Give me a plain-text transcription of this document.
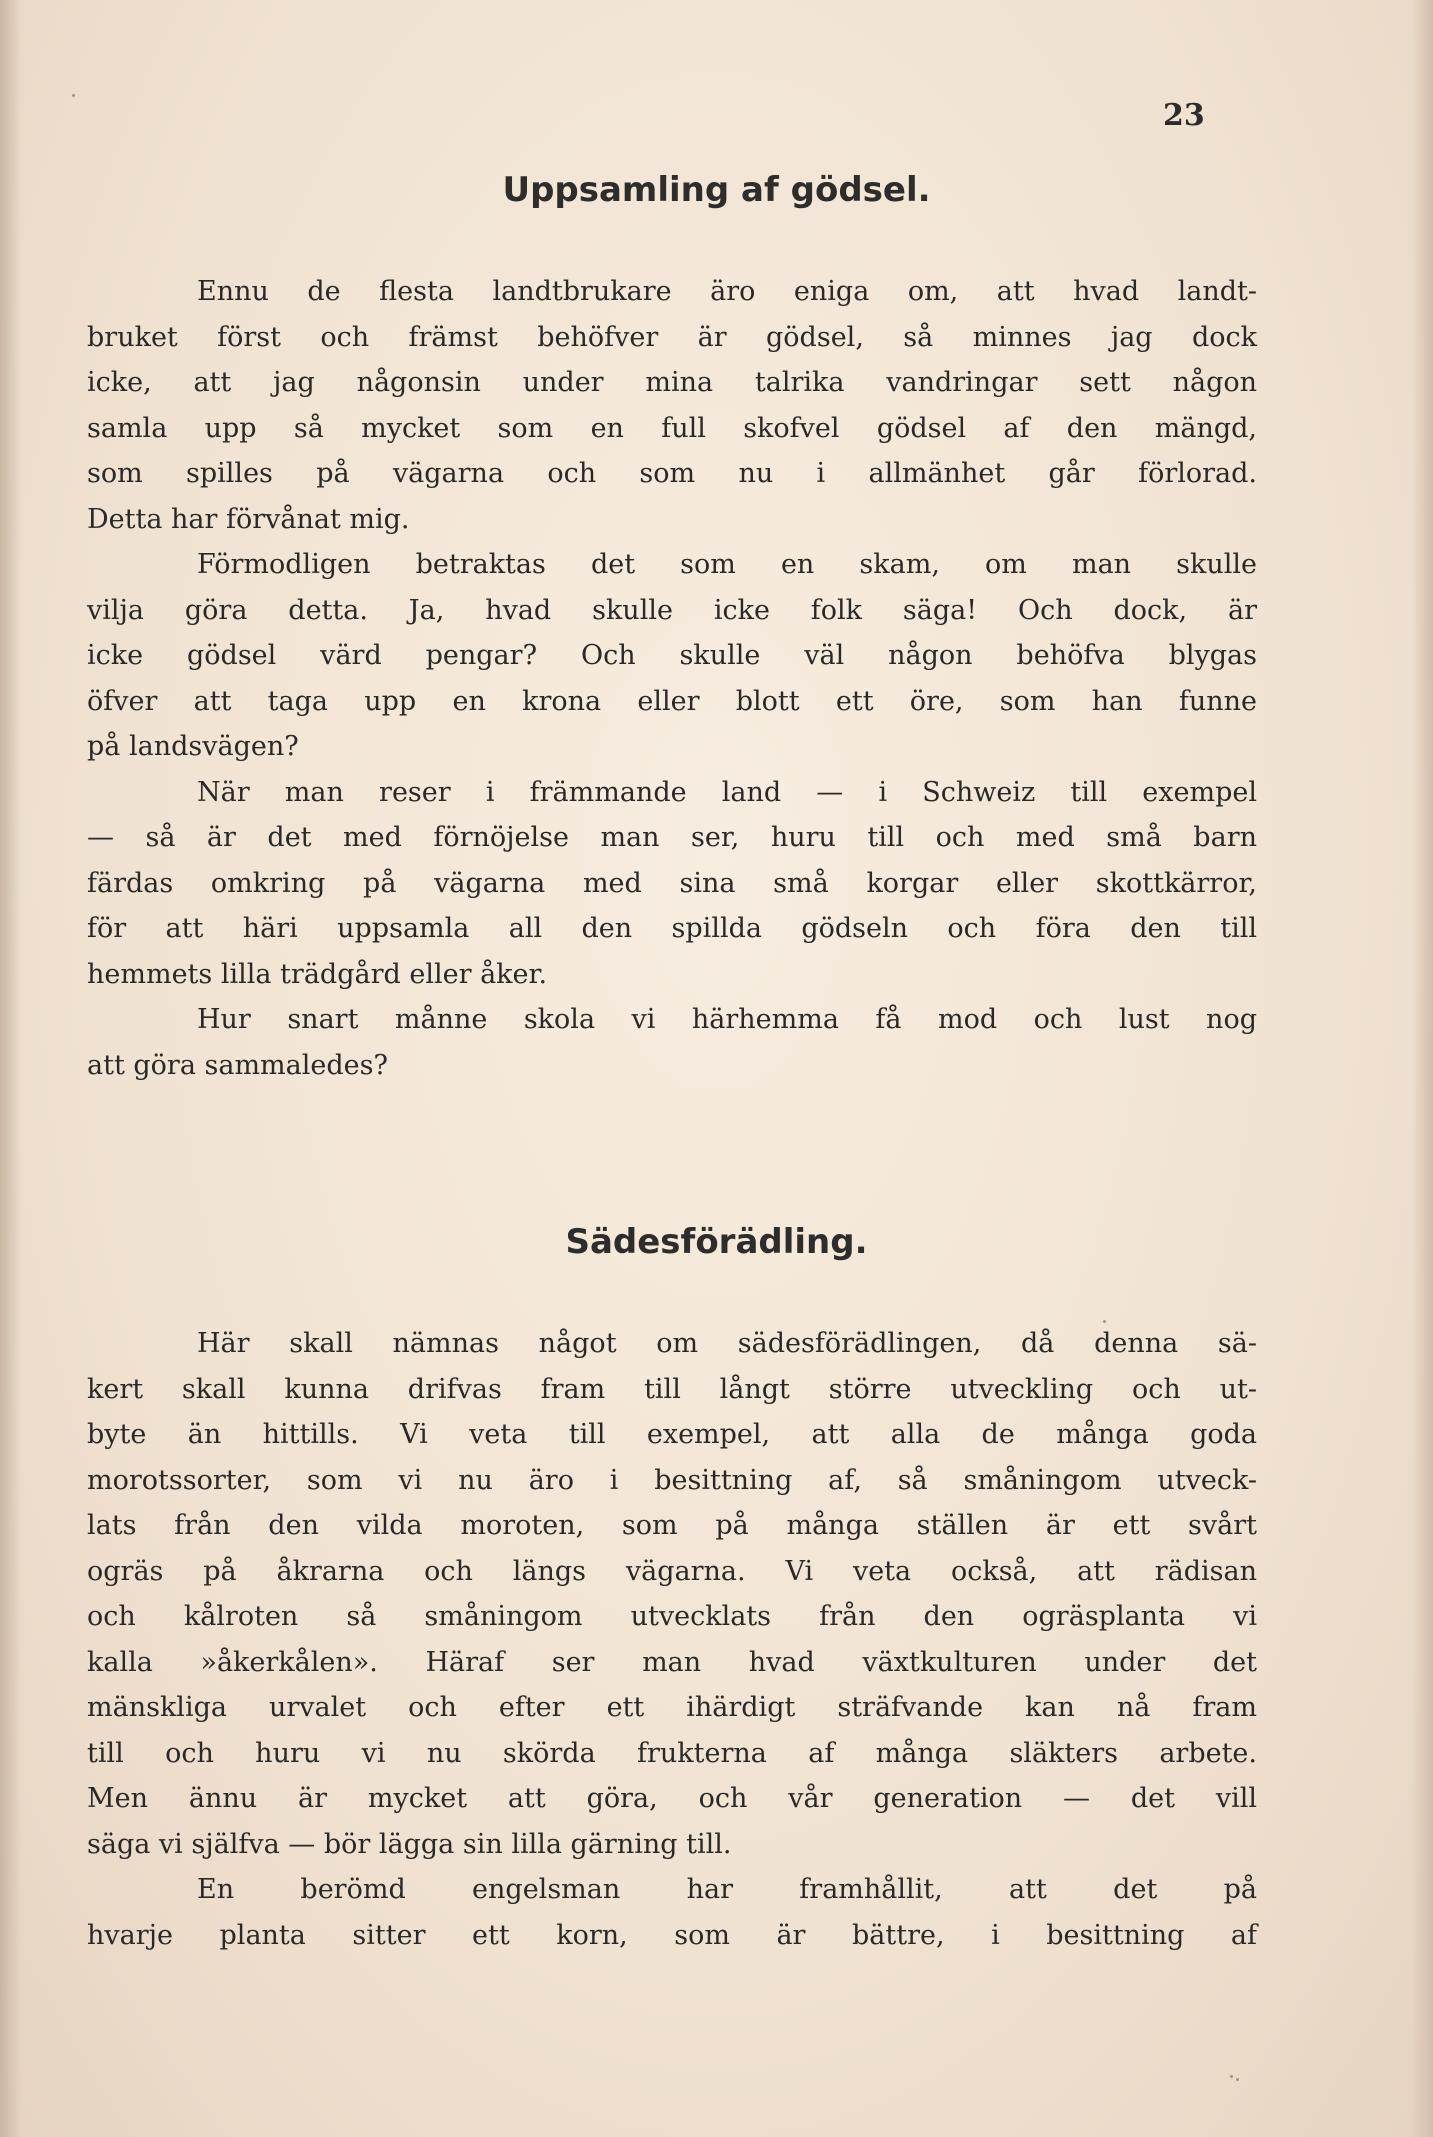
23
Uppsamling af gödsel.
Ennu de flesta landtbrukare äro eniga om, att hvad landt-
bruket först och främst behöfver är gödsel, så minnes jag dock
icke, att jag någonsin under mina talrika vandringar sett någon
samla upp så mycket som en full skofvel gödsel af den mängd,
som spilles på vägarna och som nu i allmänhet går förlorad.
Detta har förvånat mig.
Förmodligen betraktas det som en skam, om man skulle
vilja göra detta. Ja, hvad skulle icke folk säga! Och dock, är
icke gödsel värd pengar? Och skulle väl någon behöfva blygas
öfver att taga upp en krona eller blott ett öre, som han funne
på landsvägen?
När man reser i främmande land — i Schweiz till exempel
— så är det med förnöjelse man ser, huru till och med små barn
färdas omkring på vägarna med sina små korgar eller skottkärror,
för att häri uppsamla all den spillda gödseln och föra den till
hemmets lilla trädgård eller åker.
Hur snart månne skola vi härhemma få mod och lust nog
att göra sammaledes?
Sädesförädling.
Här skall nämnas något om sädesförädlingen, då denna sä-
kert skall kunna drifvas fram till långt större utveckling och ut-
byte än hittills. Vi veta till exempel, att alla de många goda
morotssorter, som vi nu äro i besittning af, så småningom utveck-
lats från den vilda moroten, som på många ställen är ett svårt
ogräs på åkrarna och längs vägarna. Vi veta också, att rädisan
och kålroten så småningom utvecklats från den ogräsplanta vi
kalla »åkerkålen». Häraf ser man hvad växtkulturen under det
mänskliga urvalet och efter ett ihärdigt sträfvande kan nå fram
till och huru vi nu skörda frukterna af många släkters arbete.
Men ännu är mycket att göra, och vår generation — det vill
säga vi själfva — bör lägga sin lilla gärning till.
En berömd engelsman har framhållit, att det på
hvarje planta sitter ett korn, som är bättre, i besittning af
